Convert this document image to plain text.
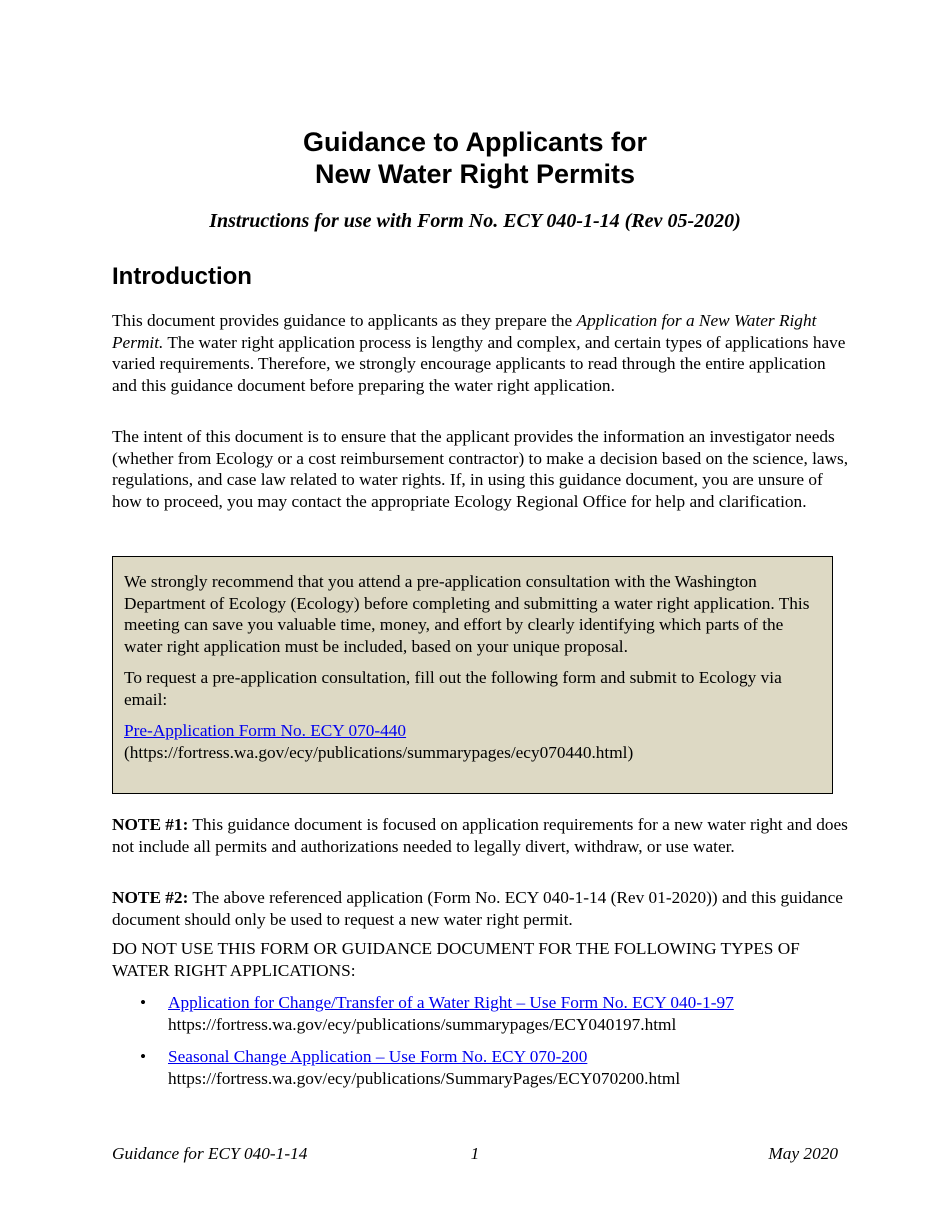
Guidance to Applicants for
New Water Right Permits

Instructions for use with Form No. ECY 040-1-14 (Rev 05-2020)

Introduction

This document provides guidance to applicants as they prepare the Application for a New Water Right Permit. The water right application process is lengthy and complex, and certain types of applications have varied requirements. Therefore, we strongly encourage applicants to read through the entire application and this guidance document before preparing the water right application.

The intent of this document is to ensure that the applicant provides the information an investigator needs (whether from Ecology or a cost reimbursement contractor) to make a decision based on the science, laws, regulations, and case law related to water rights. If, in using this guidance document, you are unsure of how to proceed, you may contact the appropriate Ecology Regional Office for help and clarification.

We strongly recommend that you attend a pre-application consultation with the Washington Department of Ecology (Ecology) before completing and submitting a water right application. This meeting can save you valuable time, money, and effort by clearly identifying which parts of the water right application must be included, based on your unique proposal.

To request a pre-application consultation, fill out the following form and submit to Ecology via email:

Pre-Application Form No. ECY 070-440
(https://fortress.wa.gov/ecy/publications/summarypages/ecy070440.html)

NOTE #1: This guidance document is focused on application requirements for a new water right and does not include all permits and authorizations needed to legally divert, withdraw, or use water.

NOTE #2: The above referenced application (Form No. ECY 040-1-14 (Rev 01-2020)) and this guidance document should only be used to request a new water right permit.

DO NOT USE THIS FORM OR GUIDANCE DOCUMENT FOR THE FOLLOWING TYPES OF WATER RIGHT APPLICATIONS:

• Application for Change/Transfer of a Water Right – Use Form No. ECY 040-1-97
https://fortress.wa.gov/ecy/publications/summarypages/ECY040197.html
• Seasonal Change Application – Use Form No. ECY 070-200
https://fortress.wa.gov/ecy/publications/SummaryPages/ECY070200.html
Guidance for ECY 040-1-14	1	May 2020
